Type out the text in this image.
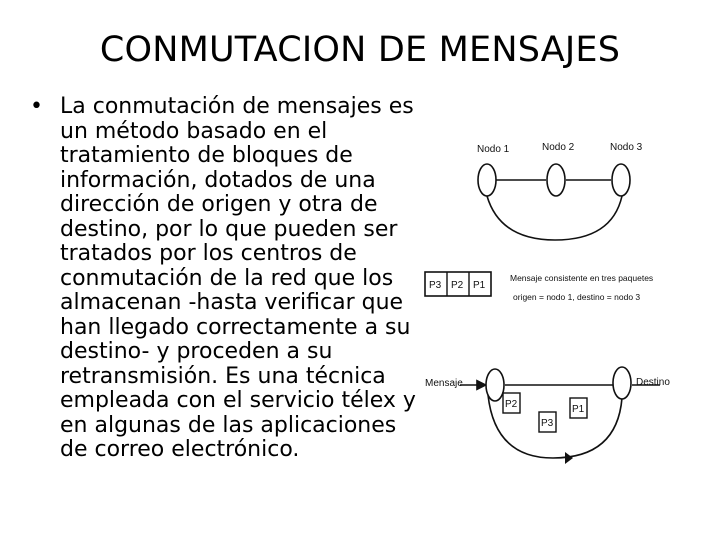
CONMUTACION DE MENSAJES
• La conmutación de mensajes es
un método basado en el
tratamiento de bloques de
información, dotados de una
dirección de origen y otra de
destino, por lo que pueden ser
tratados por los centros de
conmutación de la red que los
almacenan -hasta verificar que
han llegado correctamente a su
destino- y proceden a su
retransmisión. Es una técnica
empleada con el servicio télex y
en algunas de las aplicaciones
de correo electrónico.
Nodo 1	Nodo 2	Nodo 3
P3 P2 P1
Mensaje consistente en tres paquetes
origen = nodo 1, destino = nodo 3
Mensaje	Destino
P2
P3
P1
